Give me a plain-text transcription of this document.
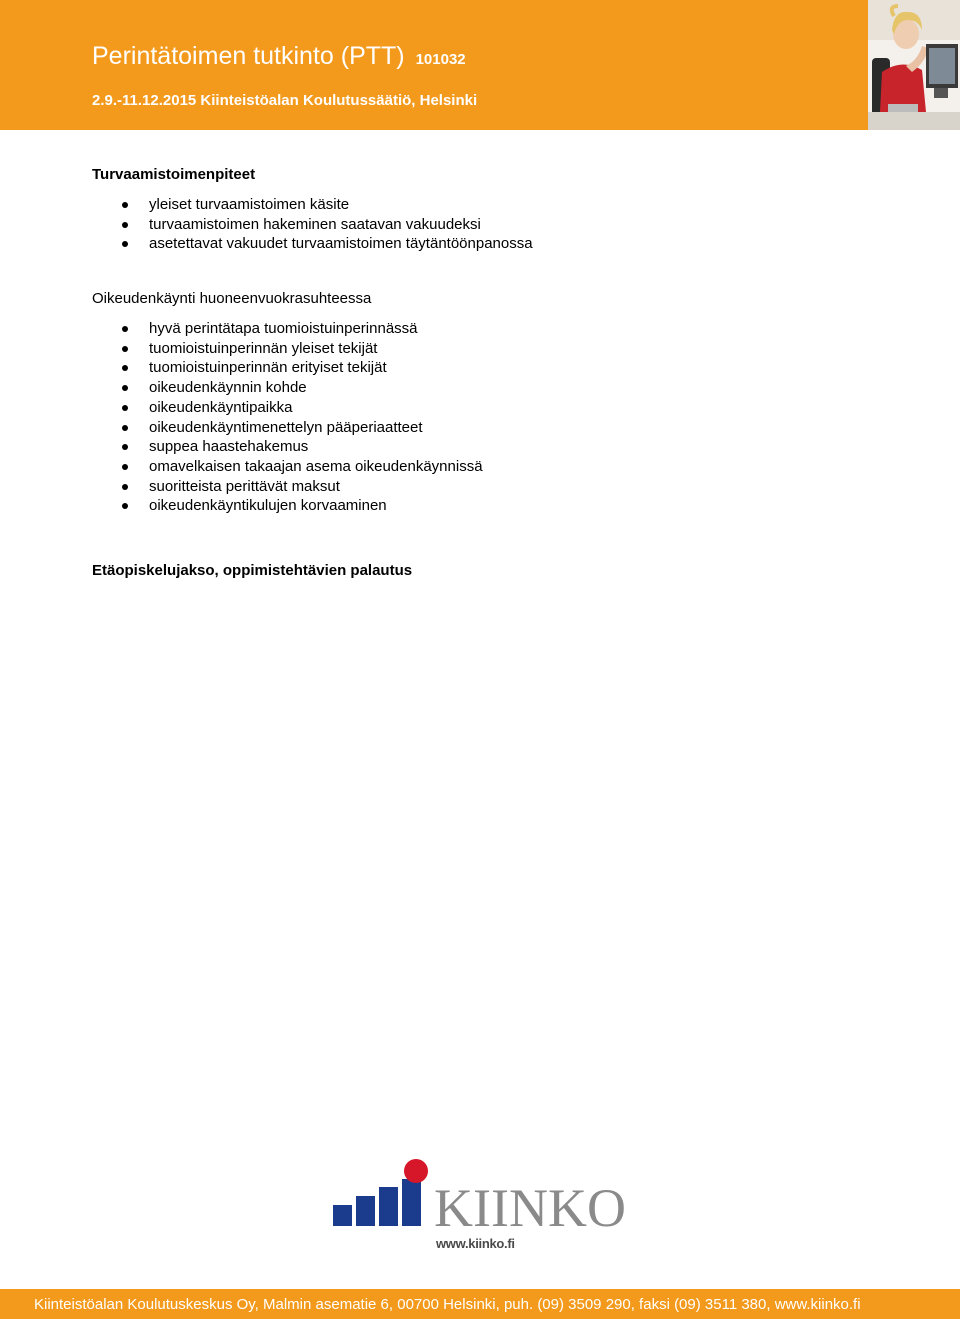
Perintätoimen tutkinto (PTT) 101032
2.9.-11.12.2015 Kiinteistöalan Koulutussäätiö, Helsinki
Turvaamistoimenpiteet
yleiset turvaamistoimen käsite
turvaamistoimen hakeminen saatavan vakuudeksi
asetettavat vakuudet turvaamistoimen täytäntöönpanossa
Oikeudenkäynti huoneenvuokrasuhteessa
hyvä perintätapa tuomioistuinperinnässä
tuomioistuinperinnän yleiset tekijät
tuomioistuinperinnän erityiset tekijät
oikeudenkäynnin kohde
oikeudenkäyntipaikka
oikeudenkäyntimenettelyn pääperiaatteet
suppea haastehakemus
omavelkaisen takaajan asema oikeudenkäynnissä
suoritteista perittävät maksut
oikeudenkäyntikulujen korvaaminen
Etäopiskelujakso, oppimistehtävien palautus
KIINKO
www.kiinko.fi
Kiinteistöalan Koulutuskeskus Oy, Malmin asematie 6, 00700 Helsinki, puh. (09) 3509 290, faksi (09) 3511 380, www.kiinko.fi
